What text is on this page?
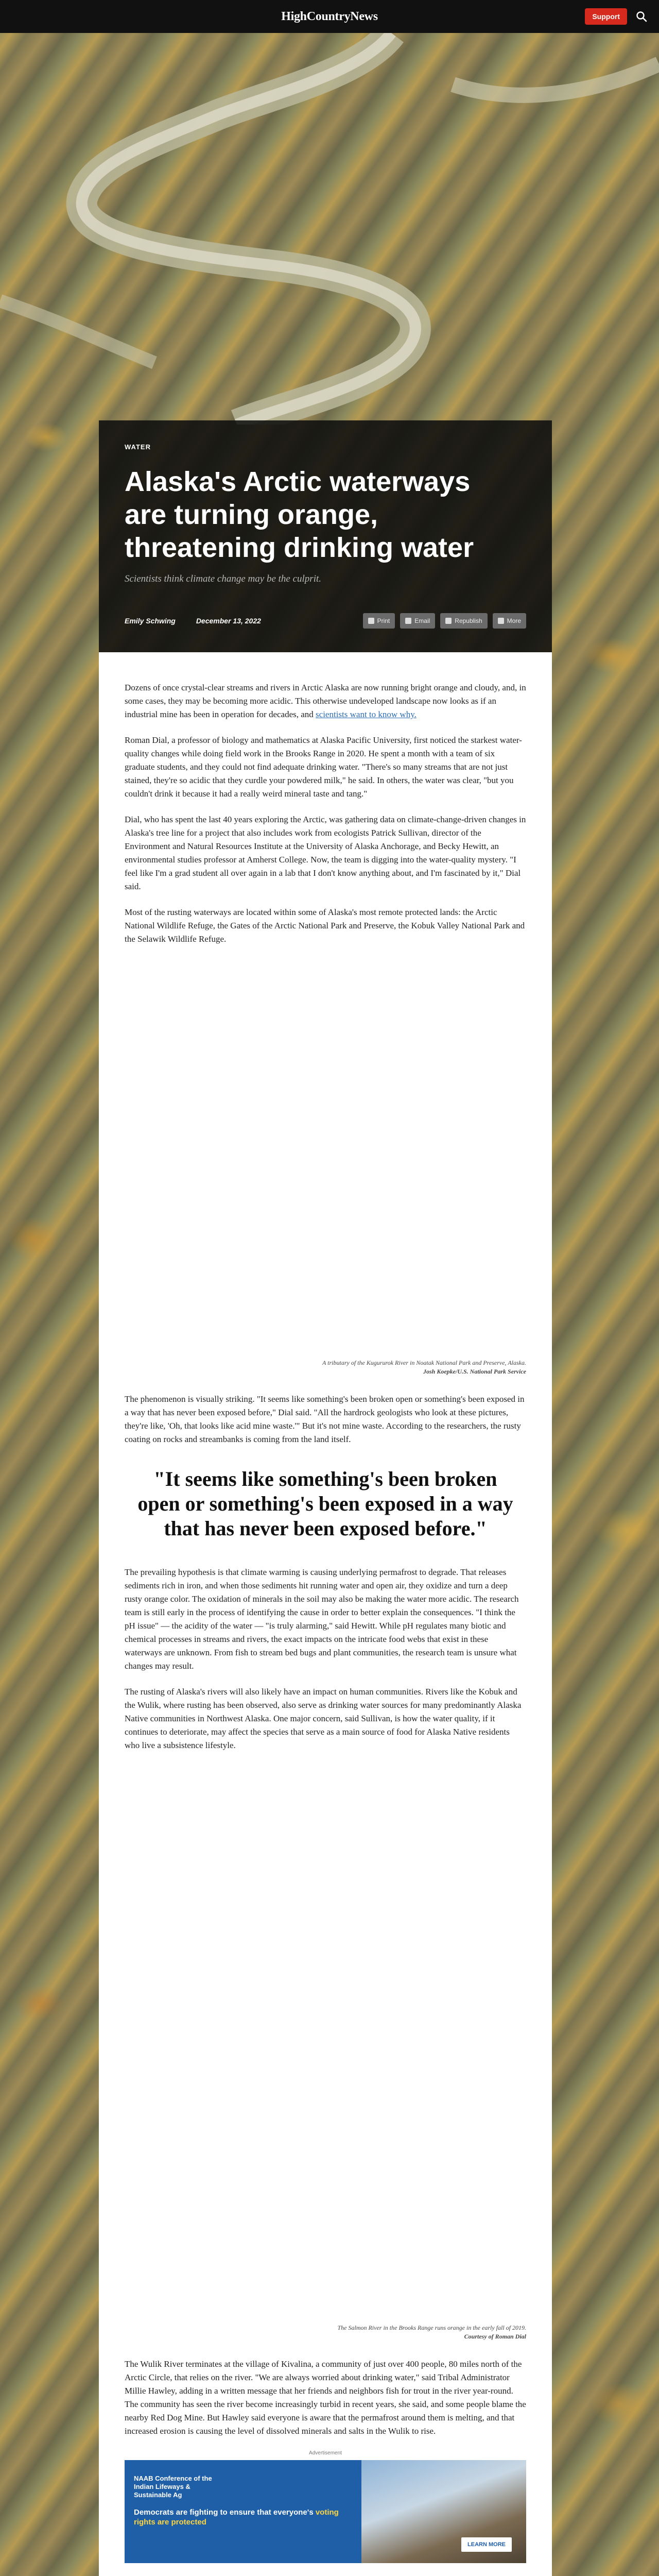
HighCountryNews	Support
WATER
Alaska's Arctic waterways are turning orange, threatening drinking water
Scientists think climate change may be the culprit.
Emily Schwing	December 13, 2022	Print	Email	Republish	More

Dozens of once crystal-clear streams and rivers in Arctic Alaska are now running bright orange and cloudy, and, in some cases, they may be becoming more acidic. This otherwise undeveloped landscape now looks as if an industrial mine has been in operation for decades, and scientists want to know why.

Roman Dial, a professor of biology and mathematics at Alaska Pacific University, first noticed the starkest water-quality changes while doing field work in the Brooks Range in 2020. He spent a month with a team of six graduate students, and they could not find adequate drinking water. "There's so many streams that are not just stained, they're so acidic that they curdle your powdered milk," he said. In others, the water was clear, "but you couldn't drink it because it had a really weird mineral taste and tang."

Dial, who has spent the last 40 years exploring the Arctic, was gathering data on climate-change-driven changes in Alaska's tree line for a project that also includes work from ecologists Patrick Sullivan, director of the Environment and Natural Resources Institute at the University of Alaska Anchorage, and Becky Hewitt, an environmental studies professor at Amherst College. Now, the team is digging into the water-quality mystery. "I feel like I'm a grad student all over again in a lab that I don't know anything about, and I'm fascinated by it," Dial said.

Most of the rusting waterways are located within some of Alaska's most remote protected lands: the Arctic National Wildlife Refuge, the Gates of the Arctic National Park and Preserve, the Kobuk Valley National Park and the Selawik Wildlife Refuge.

A tributary of the Kugururok River in Noatak National Park and Preserve, Alaska.
Josh Koepke/U.S. National Park Service

The phenomenon is visually striking. "It seems like something's been broken open or something's been exposed in a way that has never been exposed before," Dial said. "All the hardrock geologists who look at these pictures, they're like, 'Oh, that looks like acid mine waste.'" But it's not mine waste. According to the researchers, the rusty coating on rocks and streambanks is coming from the land itself.

"It seems like something's been broken open or something's been exposed in a way that has never been exposed before."

The prevailing hypothesis is that climate warming is causing underlying permafrost to degrade. That releases sediments rich in iron, and when those sediments hit running water and open air, they oxidize and turn a deep rusty orange color. The oxidation of minerals in the soil may also be making the water more acidic. The research team is still early in the process of identifying the cause in order to better explain the consequences. "I think the pH issue" — the acidity of the water — "is truly alarming," said Hewitt. While pH regulates many biotic and chemical processes in streams and rivers, the exact impacts on the intricate food webs that exist in these waterways are unknown. From fish to stream bed bugs and plant communities, the research team is unsure what changes may result.

The rusting of Alaska's rivers will also likely have an impact on human communities. Rivers like the Kobuk and the Wulik, where rusting has been observed, also serve as drinking water sources for many predominantly Alaska Native communities in Northwest Alaska. One major concern, said Sullivan, is how the water quality, if it continues to deteriorate, may affect the species that serve as a main source of food for Alaska Native residents who live a subsistence lifestyle.

The Salmon River in the Brooks Range runs orange in the early fall of 2019.
Courtesy of Roman Dial

The Wulik River terminates at the village of Kivalina, a community of just over 400 people, 80 miles north of the Arctic Circle, that relies on the river. "We are always worried about drinking water," said Tribal Administrator Millie Hawley, adding in a written message that her friends and neighbors fish for trout in the river year-round. The community has seen the river become increasingly turbid in recent years, she said, and some people blame the nearby Red Dog Mine. But Hawley said everyone is aware that the permafrost around them is melting, and that increased erosion is causing the level of dissolved minerals and salts in the Wulik to rise.

Advertisement
NAAB Conference of the Indian Lifeways & Sustainable Ag
Democrats are fighting to ensure that everyone's voting rights are protected
LEARN MORE
